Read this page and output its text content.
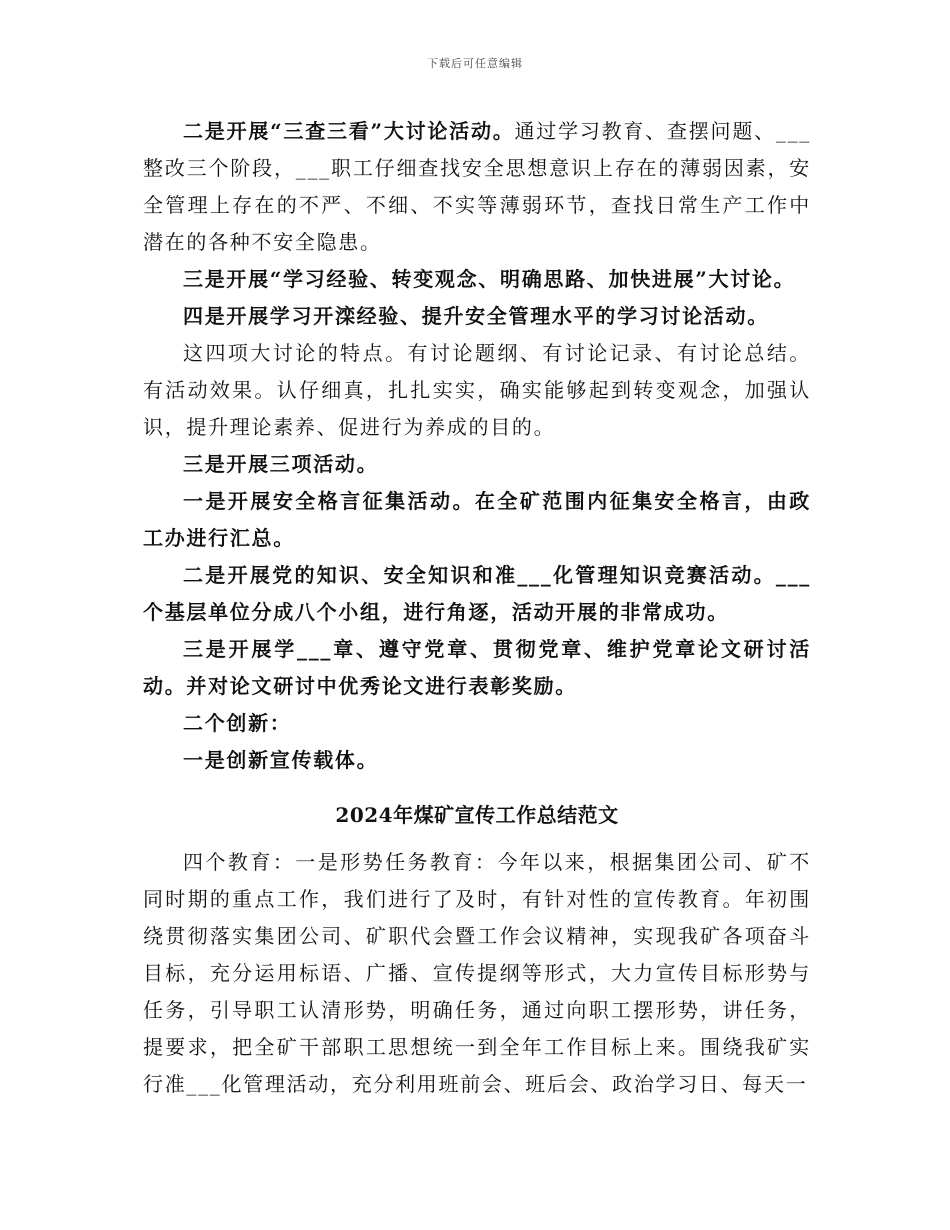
下载后可任意编辑

二是开展“三查三看”大讨论活动。通过学习教育、查摆问题、___整改三个阶段，___职工仔细查找安全思想意识上存在的薄弱因素，安全管理上存在的不严、不细、不实等薄弱环节，查找日常生产工作中潜在的各种不安全隐患。

三是开展“学习经验、转变观念、明确思路、加快进展”大讨论。

四是开展学习开滦经验、提升安全管理水平的学习讨论活动。

这四项大讨论的特点。有讨论题纲、有讨论记录、有讨论总结。有活动效果。认仔细真，扎扎实实，确实能够起到转变观念，加强认识，提升理论素养、促进行为养成的目的。

三是开展三项活动。

一是开展安全格言征集活动。在全矿范围内征集安全格言，由政工办进行汇总。

二是开展党的知识、安全知识和准___化管理知识竞赛活动。___个基层单位分成八个小组，进行角逐，活动开展的非常成功。

三是开展学___章、遵守党章、贯彻党章、维护党章论文研讨活动。并对论文研讨中优秀论文进行表彰奖励。

二个创新：

一是创新宣传载体。

2024年煤矿宣传工作总结范文

四个教育：一是形势任务教育：今年以来，根据集团公司、矿不同时期的重点工作，我们进行了及时，有针对性的宣传教育。年初围绕贯彻落实集团公司、矿职代会暨工作会议精神，实现我矿各项奋斗目标，充分运用标语、广播、宣传提纲等形式，大力宣传目标形势与任务，引导职工认清形势，明确任务，通过向职工摆形势，讲任务，提要求，把全矿干部职工思想统一到全年工作目标上来。围绕我矿实行准___化管理活动，充分利用班前会、班后会、政治学习日、每天一
